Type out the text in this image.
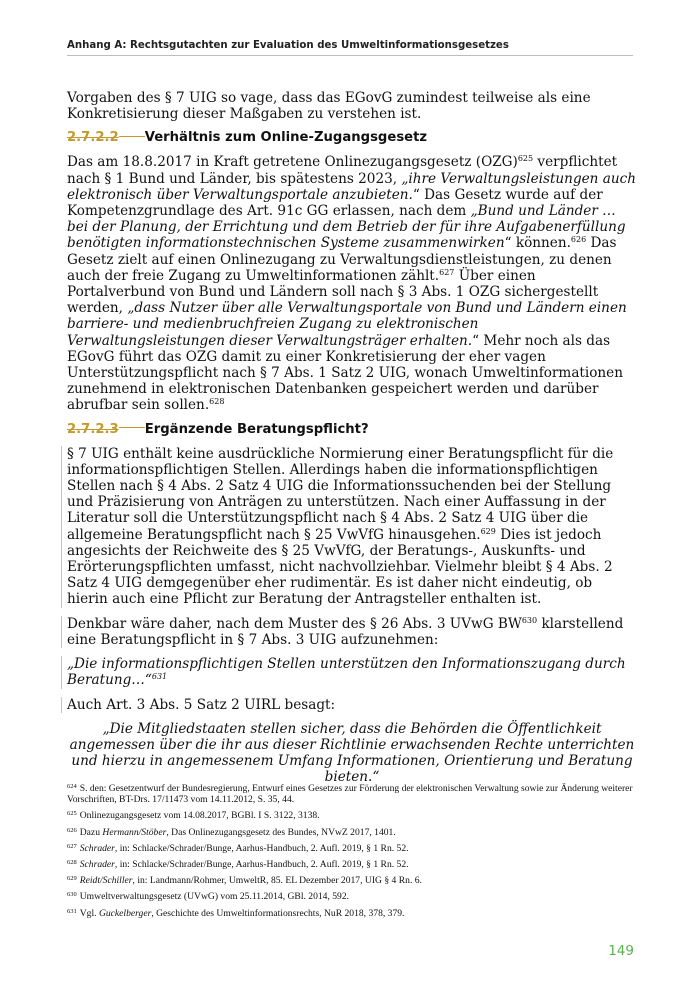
Anhang A: Rechtsgutachten zur Evaluation des Umweltinformationsgesetzes

Vorgaben des § 7 UIG so vage, dass das EGovG zumindest teilweise als eine Konkretisierung dieser Maßgaben zu verstehen ist.

2.7.2.2 Verhältnis zum Online-Zugangsgesetz

Das am 18.8.2017 in Kraft getretene Onlinezugangsgesetz (OZG)$^{625}$ verpflichtet nach § 1 Bund und Länder, bis spätestens 2023, „ihre Verwaltungsleistungen auch elektronisch über Verwaltungsportale anzubieten.“ Das Gesetz wurde auf der Kompetenzgrundlage des Art. 91c GG erlassen, nach dem „Bund und Länder … bei der Planung, der Errichtung und dem Betrieb der für ihre Aufgabenerfüllung benötigten informationstechnischen Systeme zusammenwirken“ können.$^{626}$ Das Gesetz zielt auf einen Onlinezugang zu Verwaltungsdienstleistungen, zu denen auch der freie Zugang zu Umweltinformationen zählt.$^{627}$ Über einen Portalverbund von Bund und Ländern soll nach § 3 Abs. 1 OZG sichergestellt werden, „dass Nutzer über alle Verwaltungsportale von Bund und Ländern einen barriere- und medienbruchfreien Zugang zu elektronischen Verwaltungsleistungen dieser Verwaltungsträger erhalten.“ Mehr noch als das EGovG führt das OZG damit zu einer Konkretisierung der eher vagen Unterstützungspflicht nach § 7 Abs. 1 Satz 2 UIG, wonach Umweltinformationen zunehmend in elektronischen Datenbanken gespeichert werden und darüber abrufbar sein sollen.$^{628}$

2.7.2.3 Ergänzende Beratungspflicht?

§ 7 UIG enthält keine ausdrückliche Normierung einer Beratungspflicht für die informationspflichtigen Stellen. Allerdings haben die informationspflichtigen Stellen nach § 4 Abs. 2 Satz 4 UIG die Informationssuchenden bei der Stellung und Präzisierung von Anträgen zu unterstützen. Nach einer Auffassung in der Literatur soll die Unterstützungspflicht nach § 4 Abs. 2 Satz 4 UIG über die allgemeine Beratungspflicht nach § 25 VwVfG hinausgehen.$^{629}$ Dies ist jedoch angesichts der Reichweite des § 25 VwVfG, der Beratungs-, Auskunfts- und Erörterungspflichten umfasst, nicht nachvollziehbar. Vielmehr bleibt § 4 Abs. 2 Satz 4 UIG demgegenüber eher rudimentär. Es ist daher nicht eindeutig, ob hierin auch eine Pflicht zur Beratung der Antragsteller enthalten ist.

Denkbar wäre daher, nach dem Muster des § 26 Abs. 3 UVwG BW$^{630}$ klarstellend eine Beratungspflicht in § 7 Abs. 3 UIG aufzunehmen:

„Die informationspflichtigen Stellen unterstützen den Informationszugang durch Beratung…“$^{631}$

Auch Art. 3 Abs. 5 Satz 2 UIRL besagt:

„Die Mitgliedstaaten stellen sicher, dass die Behörden die Öffentlichkeit angemessen über die ihr aus dieser Richtlinie erwachsenden Rechte unterrichten und hierzu in angemessenem Umfang Informationen, Orientierung und Beratung bieten.“

$^{624}$ S. den: Gesetzentwurf der Bundesregierung, Entwurf eines Gesetzes zur Förderung der elektronischen Verwaltung sowie zur Änderung weiterer Vorschriften, BT-Drs. 17/11473 vom 14.11.2012, S. 35, 44.
$^{625}$ Onlinezugangsgesetz vom 14.08.2017, BGBl. I S. 3122, 3138.
$^{626}$ Dazu Hermann/Stöber, Das Onlinezugangsgesetz des Bundes, NVwZ 2017, 1401.
$^{627}$ Schrader, in: Schlacke/Schrader/Bunge, Aarhus-Handbuch, 2. Aufl. 2019, § 1 Rn. 52.
$^{628}$ Schrader, in: Schlacke/Schrader/Bunge, Aarhus-Handbuch, 2. Aufl. 2019, § 1 Rn. 52.
$^{629}$ Reidt/Schiller, in: Landmann/Rohmer, UmweltR, 85. EL Dezember 2017, UIG § 4 Rn. 6.
$^{630}$ Umweltverwaltungsgesetz (UVwG) vom 25.11.2014, GBl. 2014, 592.
$^{631}$ Vgl. Guckelberger, Geschichte des Umweltinformationsrechts, NuR 2018, 378, 379.
149
